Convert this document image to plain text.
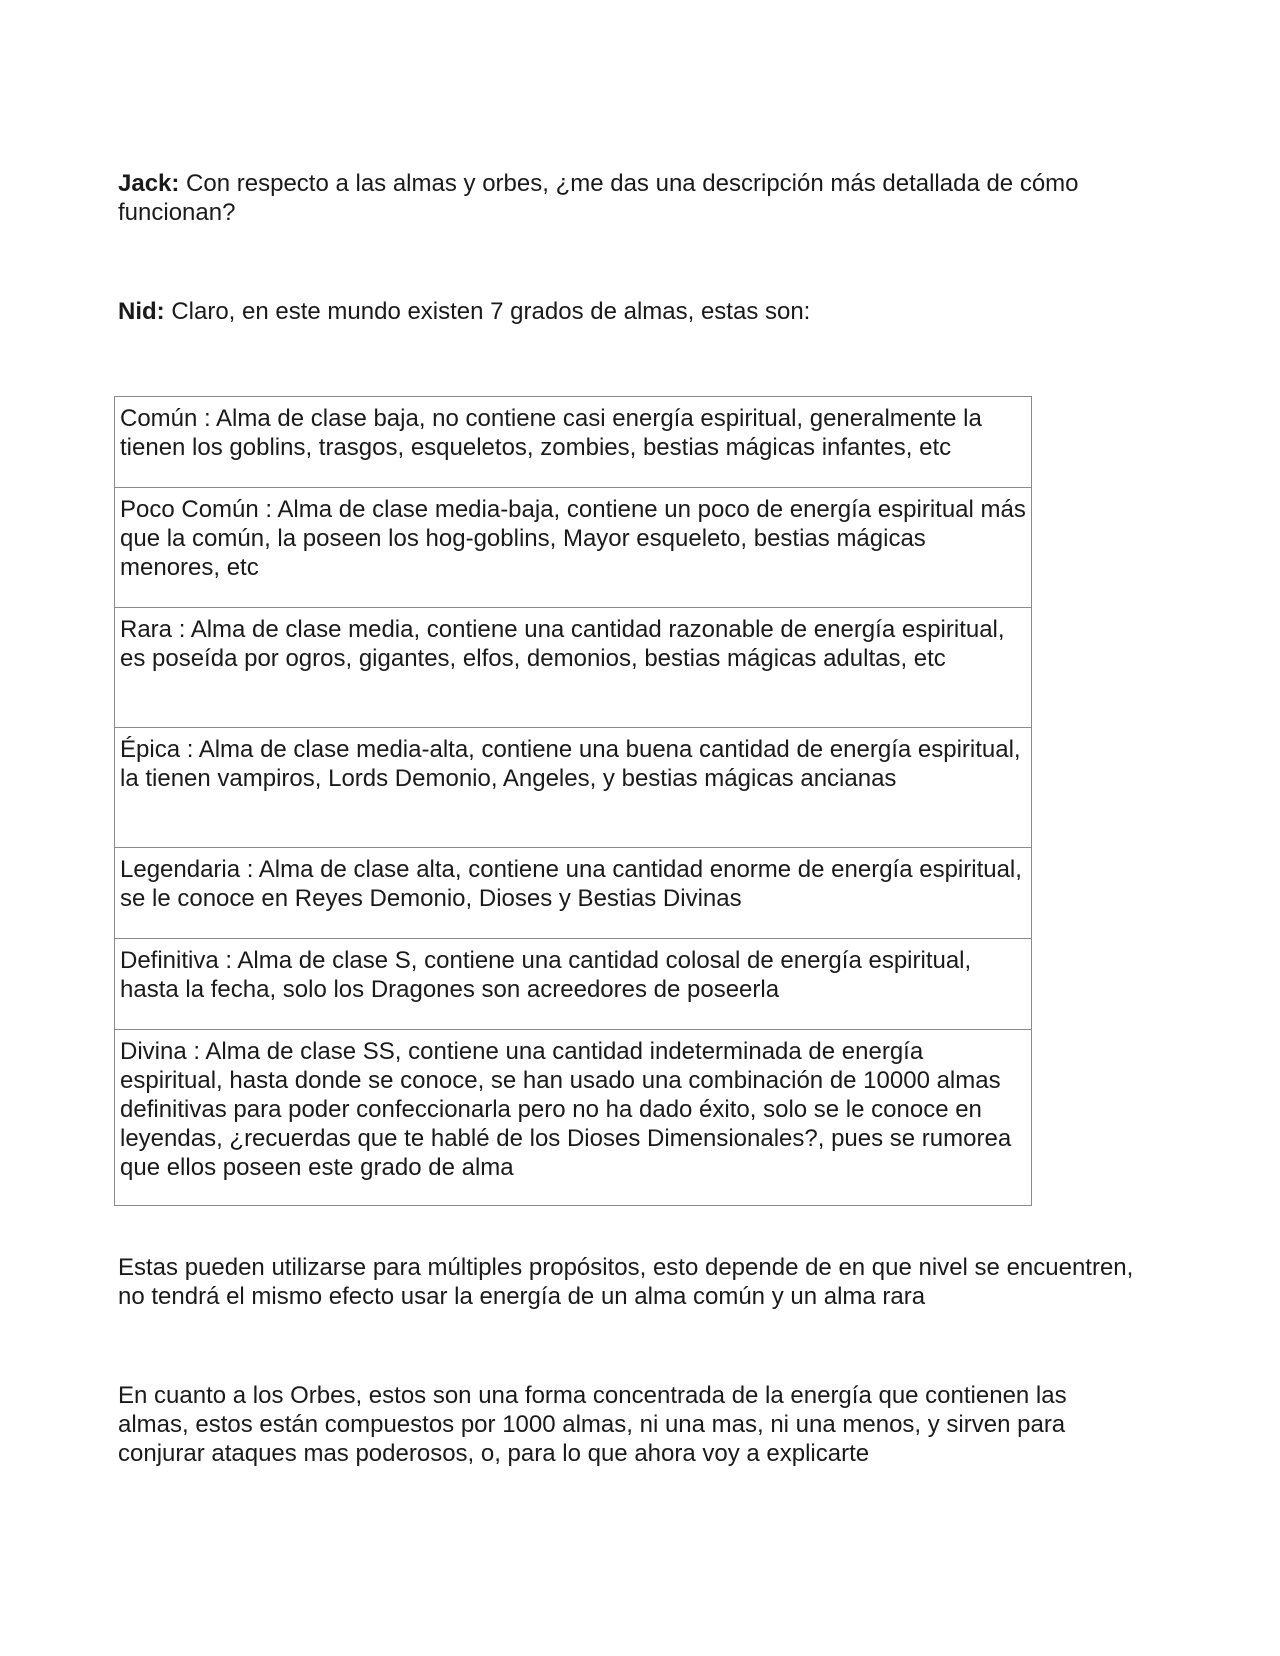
Jack: Con respecto a las almas y orbes, ¿me das una descripción más detallada de cómo funcionan?

Nid: Claro, en este mundo existen 7 grados de almas, estas son:

Común : Alma de clase baja, no contiene casi energía espiritual, generalmente la tienen los goblins, trasgos, esqueletos, zombies, bestias mágicas infantes, etc
Poco Común : Alma de clase media-baja, contiene un poco de energía espiritual más que la común, la poseen los hog-goblins, Mayor esqueleto, bestias mágicas menores, etc
Rara : Alma de clase media, contiene una cantidad razonable de energía espiritual, es poseída por ogros, gigantes, elfos, demonios, bestias mágicas adultas, etc
Épica : Alma de clase media-alta, contiene una buena cantidad de energía espiritual, la tienen vampiros, Lords Demonio, Angeles, y bestias mágicas ancianas
Legendaria : Alma de clase alta, contiene una cantidad enorme de energía espiritual, se le conoce en Reyes Demonio, Dioses y Bestias Divinas
Definitiva : Alma de clase S, contiene una cantidad colosal de energía espiritual, hasta la fecha, solo los Dragones son acreedores de poseerla
Divina : Alma de clase SS, contiene una cantidad indeterminada de energía espiritual, hasta donde se conoce, se han usado una combinación de 10000 almas definitivas para poder confeccionarla pero no ha dado éxito, solo se le conoce en leyendas, ¿recuerdas que te hablé de los Dioses Dimensionales?, pues se rumorea que ellos poseen este grado de alma

Estas pueden utilizarse para múltiples propósitos, esto depende de en que nivel se encuentren, no tendrá el mismo efecto usar la energía de un alma común y un alma rara

En cuanto a los Orbes, estos son una forma concentrada de la energía que contienen las almas, estos están compuestos por 1000 almas, ni una mas, ni una menos, y sirven para conjurar ataques mas poderosos, o, para lo que ahora voy a explicarte
